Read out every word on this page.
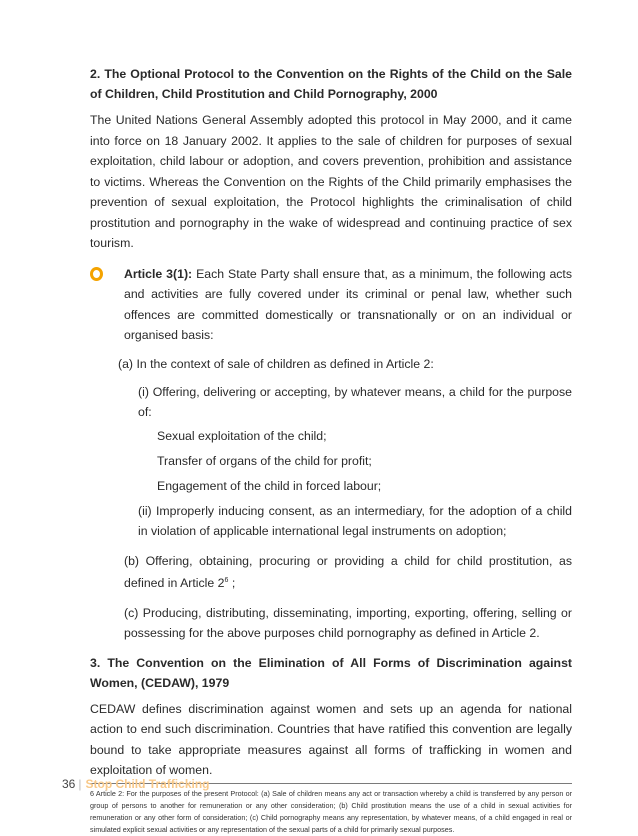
2. The Optional Protocol to the Convention on the Rights of the Child on the Sale of Children, Child Prostitution and Child Pornography, 2000

The United Nations General Assembly adopted this protocol in May 2000, and it came into force on 18 January 2002. It applies to the sale of children for purposes of sexual exploitation, child labour or adoption, and covers prevention, prohibition and assistance to victims. Whereas the Convention on the Rights of the Child primarily emphasises the prevention of sexual exploitation, the Protocol highlights the criminalisation of child prostitution and pornography in the wake of widespread and continuing practice of sex tourism.

Article 3(1): Each State Party shall ensure that, as a minimum, the following acts and activities are fully covered under its criminal or penal law, whether such offences are committed domestically or transnationally or on an individual or organised basis:

(a) In the context of sale of children as defined in Article 2:

(i) Offering, delivering or accepting, by whatever means, a child for the purpose of:

Sexual exploitation of the child;

Transfer of organs of the child for profit;

Engagement of the child in forced labour;

(ii) Improperly inducing consent, as an intermediary, for the adoption of a child in violation of applicable international legal instruments on adoption;

(b) Offering, obtaining, procuring or providing a child for child prostitution, as defined in Article $2^6$ ;

(c) Producing, distributing, disseminating, importing, exporting, offering, selling or possessing for the above purposes child pornography as defined in Article 2.

3. The Convention on the Elimination of All Forms of Discrimination against Women, (CEDAW), 1979

CEDAW defines discrimination against women and sets up an agenda for national action to end such discrimination. Countries that have ratified this convention are legally bound to take appropriate measures against all forms of trafficking in women and exploitation of women.

6 Article 2: For the purposes of the present Protocol: (a) Sale of children means any act or transaction whereby a child is transferred by any person or group of persons to another for remuneration or any other consideration; (b) Child prostitution means the use of a child in sexual activities for remuneration or any other form of consideration; (c) Child pornography means any representation, by whatever means, of a child engaged in real or simulated explicit sexual activities or any representation of the sexual parts of a child for primarily sexual purposes.

36 | Stop Child Trafficking
